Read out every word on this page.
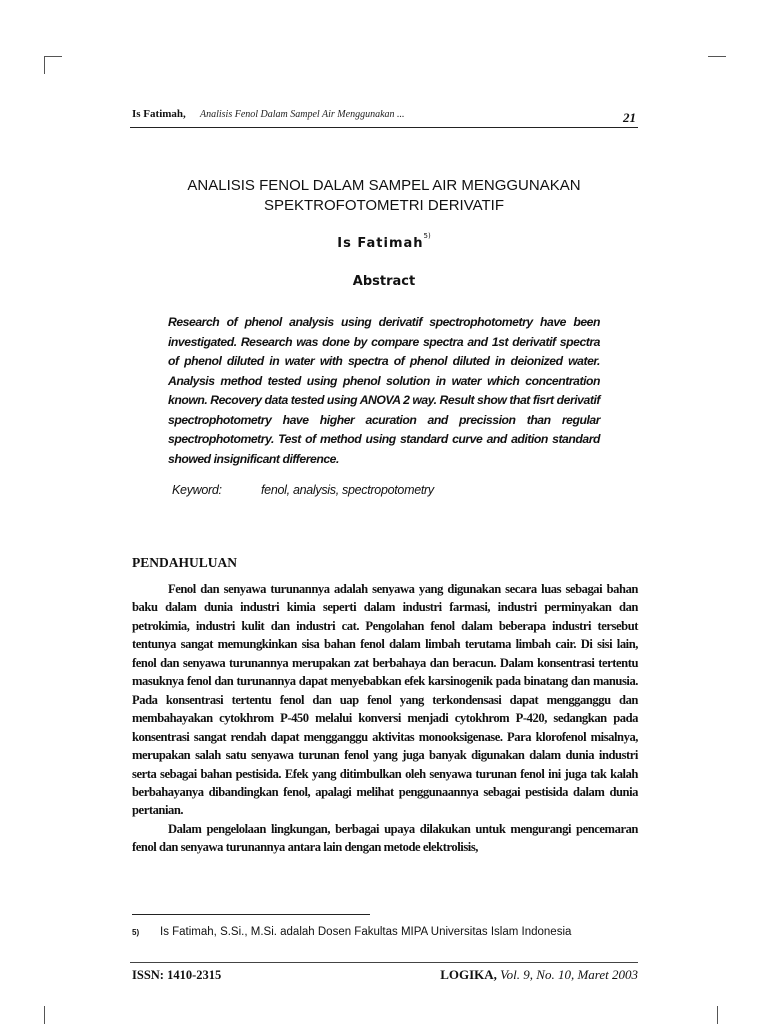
Is Fatimah, Analisis Fenol Dalam Sampel Air Menggunakan ...	21
ANALISIS FENOL DALAM SAMPEL AIR MENGGUNAKAN
SPEKTROFOTOMETRI DERIVATIF
Is Fatimah$^{5)}$
Abstract
Research of phenol analysis using derivatif spectrophotometry have been investigated. Research was done by compare spectra and 1st derivatif spectra of phenol diluted in water with spectra of phenol diluted in deionized water. Analysis method tested using phenol solution in water which concentration known. Recovery data tested using ANOVA 2 way. Result show that fisrt derivatif spectrophotometry have higher acuration and precission than regular spectrophotometry. Test of method using standard curve and adition standard showed insignificant difference.
Keyword:	fenol, analysis, spectropotometry
PENDAHULUAN

Fenol dan senyawa turunannya adalah senyawa yang digunakan secara luas sebagai bahan baku dalam dunia industri kimia seperti dalam industri farmasi, industri perminyakan dan petrokimia, industri kulit dan industri cat. Pengolahan fenol dalam beberapa industri tersebut tentunya sangat memungkinkan sisa bahan fenol dalam limbah terutama limbah cair. Di sisi lain, fenol dan senyawa turunannya merupakan zat berbahaya dan beracun. Dalam konsentrasi tertentu masuknya fenol dan turunannya dapat menyebabkan efek karsinogenik pada binatang dan manusia. Pada konsentrasi tertentu fenol dan uap fenol yang terkondensasi dapat mengganggu dan membahayakan cytokhrom P-450 melalui konversi menjadi cytokhrom P-420, sedangkan pada konsentrasi sangat rendah dapat mengganggu aktivitas monooksigenase. Para klorofenol misalnya, merupakan salah satu senyawa turunan fenol yang juga banyak digunakan dalam dunia industri serta sebagai bahan pestisida. Efek yang ditimbulkan oleh senyawa turunan fenol ini juga tak kalah berbahayanya dibandingkan fenol, apalagi melihat penggunaannya sebagai pestisida dalam dunia pertanian.

Dalam pengelolaan lingkungan, berbagai upaya dilakukan untuk mengurangi pencemaran fenol dan senyawa turunannya antara lain dengan metode elektrolisis,

5) Is Fatimah, S.Si., M.Si. adalah Dosen Fakultas MIPA Universitas Islam Indonesia
ISSN: 1410-2315	LOGIKA, Vol. 9, No. 10, Maret 2003
